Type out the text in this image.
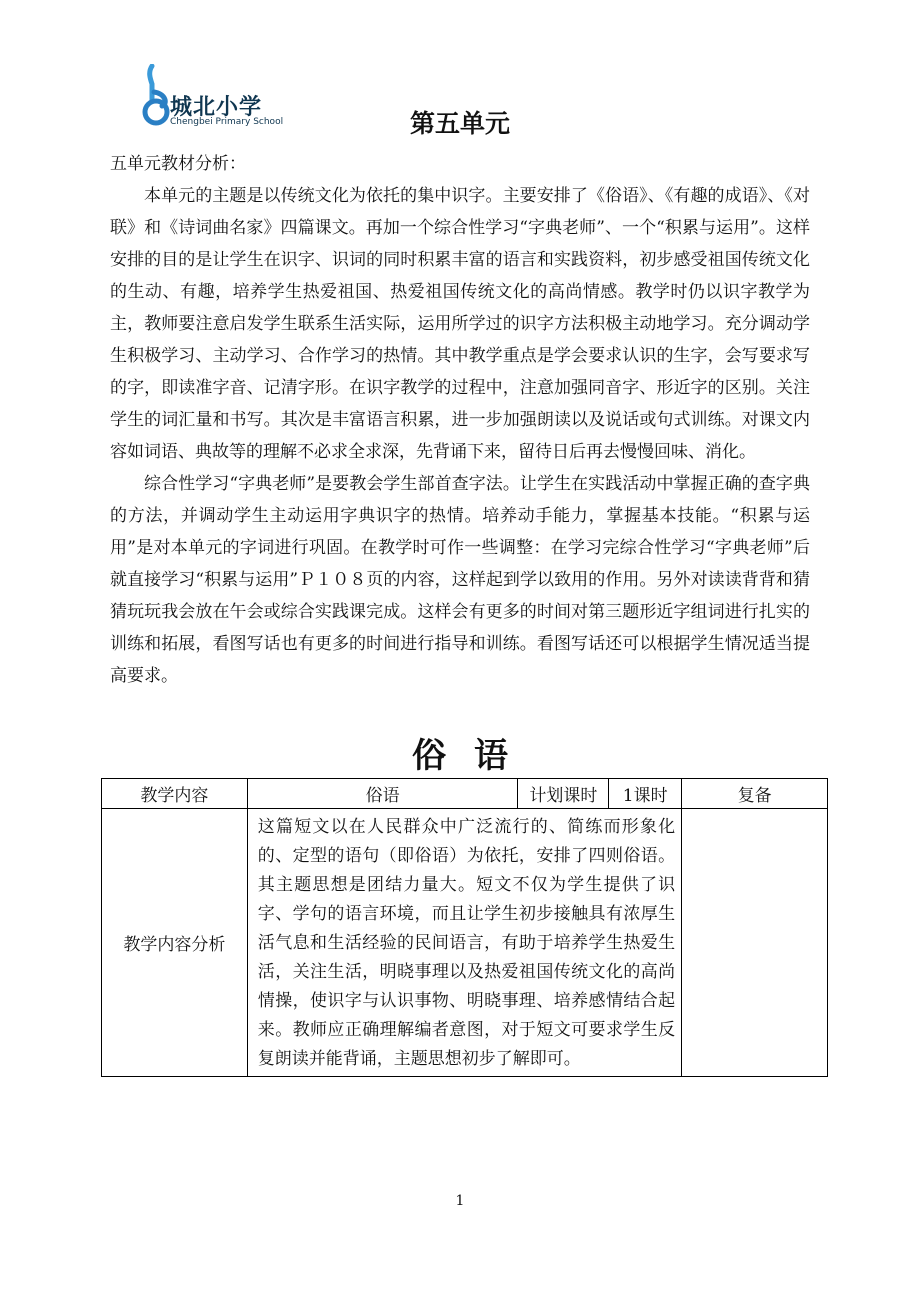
城北小学
Chengbei Primary School	第五单元
五单元教材分析：

本单元的主题是以传统文化为依托的集中识字。主要安排了《俗语》、《有趣的成语》、《对联》和《诗词曲名家》四篇课文。再加一个综合性学习“字典老师”、一个“积累与运用”。这样安排的目的是让学生在识字、识词的同时积累丰富的语言和实践资料，初步感受祖国传统文化的生动、有趣，培养学生热爱祖国、热爱祖国传统文化的高尚情感。教学时仍以识字教学为主，教师要注意启发学生联系生活实际，运用所学过的识字方法积极主动地学习。充分调动学生积极学习、主动学习、合作学习的热情。其中教学重点是学会要求认识的生字，会写要求写的字，即读准字音、记清字形。在识字教学的过程中，注意加强同音字、形近字的区别。关注学生的词汇量和书写。其次是丰富语言积累，进一步加强朗读以及说话或句式训练。对课文内容如词语、典故等的理解不必求全求深，先背诵下来，留待日后再去慢慢回味、消化。

综合性学习“字典老师”是要教会学生部首查字法。让学生在实践活动中掌握正确的查字典的方法，并调动学生主动运用字典识字的热情。培养动手能力，掌握基本技能。“积累与运用”是对本单元的字词进行巩固。在教学时可作一些调整：在学习完综合性学习“字典老师”后就直接学习“积累与运用”Ｐ１０８页的内容，这样起到学以致用的作用。另外对读读背背和猜猜玩玩我会放在午会或综合实践课完成。这样会有更多的时间对第三题形近字组词进行扎实的训练和拓展，看图写话也有更多的时间进行指导和训练。看图写话还可以根据学生情况适当提高要求。

俗语
教学内容	俗语	计划课时	1课时	复备
教学内容分析	这篇短文以在人民群众中广泛流行的、简练而形象化的、定型的语句（即俗语）为依托，安排了四则俗语。其主题思想是团结力量大。短文不仅为学生提供了识字、学句的语言环境，而且让学生初步接触具有浓厚生活气息和生活经验的民间语言，有助于培养学生热爱生活，关注生活，明晓事理以及热爱祖国传统文化的高尚情操，使识字与认识事物、明晓事理、培养感情结合起来。教师应正确理解编者意图，对于短文可要求学生反复朗读并能背诵，主题思想初步了解即可。			
1
